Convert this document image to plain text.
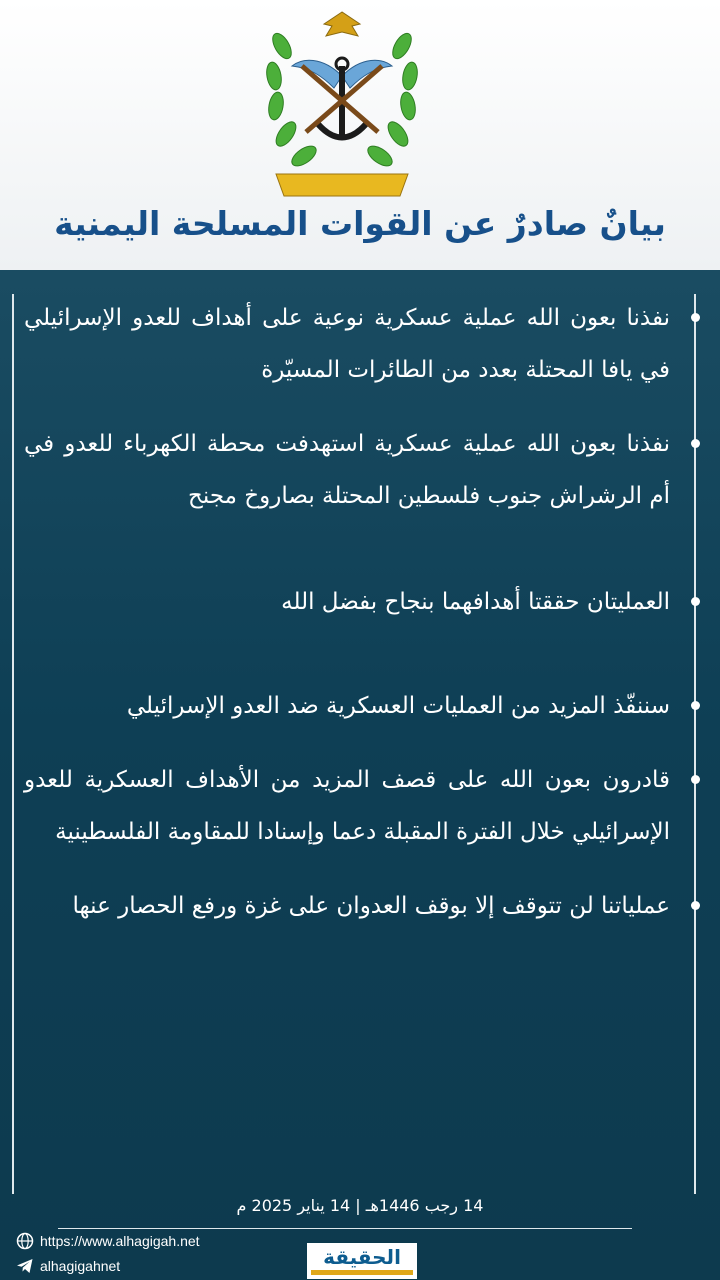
بيانٌ صادرٌ عن القوات المسلحة اليمنية
نفذنا بعون الله عملية عسكرية نوعية على أهداف للعدو الإسرائيلي في يافا المحتلة بعدد من الطائرات المسيّرة
نفذنا بعون الله عملية عسكرية استهدفت محطة الكهرباء للعدو في أم الرشراش جنوب فلسطين المحتلة بصاروخ مجنح
العمليتان حققتا أهدافهما بنجاح بفضل الله
سننفّذ المزيد من العمليات العسكرية ضد العدو الإسرائيلي
قادرون بعون الله على قصف المزيد من الأهداف العسكرية للعدو الإسرائيلي خلال الفترة المقبلة دعما وإسنادا للمقاومة الفلسطينية
عملياتنا لن تتوقف إلا بوقف العدوان على غزة ورفع الحصار عنها
14 رجب 1446هـ | 14 يناير 2025 م
https://www.alhagigah.net
alhagigahnet	الحقيقة
